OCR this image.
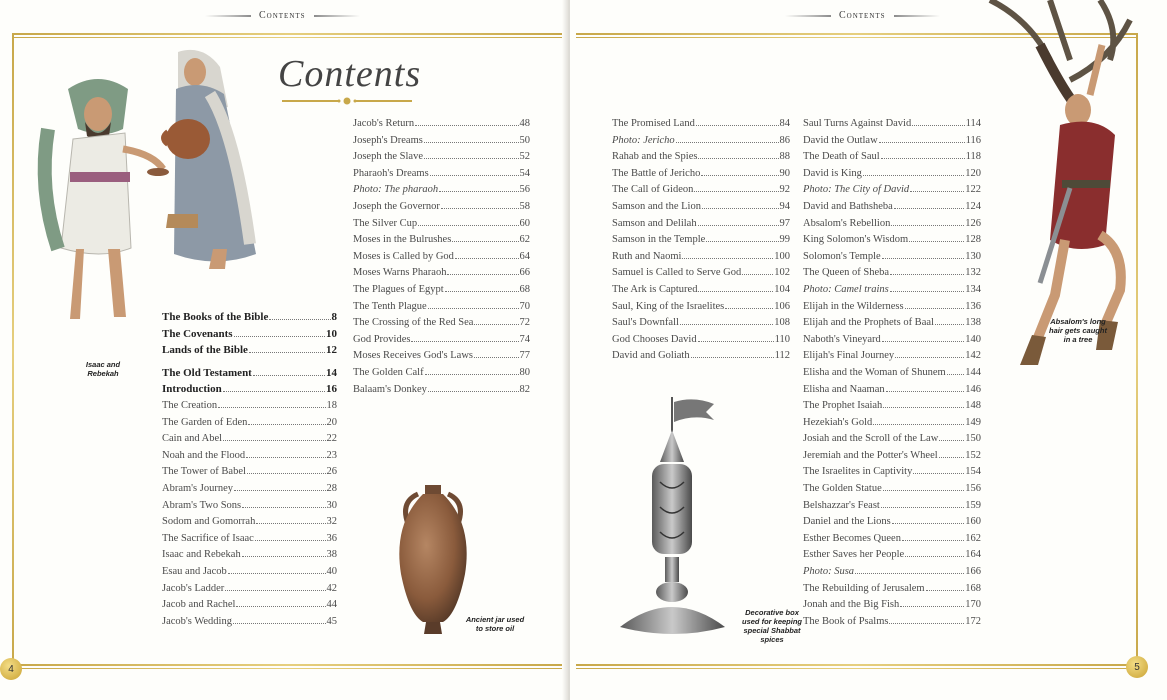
Contents
Contents
Isaac and Rebekah
The Books of the Bible	8
The Covenants	10
Lands of the Bible	12
The Old Testament	14
Introduction	16
The Creation	18
The Garden of Eden	20
Cain and Abel	22
Noah and the Flood	23
The Tower of Babel	26
Abram's Journey	28
Abram's Two Sons	30
Sodom and Gomorrah	32
The Sacrifice of Isaac	36
Isaac and Rebekah	38
Esau and Jacob	40
Jacob's Ladder	42
Jacob and Rachel	44
Jacob's Wedding	45
Jacob's Return	48
Joseph's Dreams	50
Joseph the Slave	52
Pharaoh's Dreams	54
Photo: The pharaoh	56
Joseph the Governor	58
The Silver Cup	60
Moses in the Bulrushes	62
Moses is Called by God	64
Moses Warns Pharaoh	66
The Plagues of Egypt	68
The Tenth Plague	70
The Crossing of the Red Sea	72
God Provides	74
Moses Receives God's Laws	77
The Golden Calf	80
Balaam's Donkey	82
Ancient jar used to store oil
4
Contents
The Promised Land	84
Photo: Jericho	86
Rahab and the Spies	88
The Battle of Jericho	90
The Call of Gideon	92
Samson and the Lion	94
Samson and Delilah	97
Samson in the Temple	99
Ruth and Naomi	100
Samuel is Called to Serve God	102
The Ark is Captured	104
Saul, King of the Israelites	106
Saul's Downfall	108
God Chooses David	110
David and Goliath	112
Saul Turns Against David	114
David the Outlaw	116
The Death of Saul	118
David is King	120
Photo: The City of David	122
David and Bathsheba	124
Absalom's Rebellion	126
King Solomon's Wisdom	128
Solomon's Temple	130
The Queen of Sheba	132
Photo: Camel trains	134
Elijah in the Wilderness	136
Elijah and the Prophets of Baal	138
Naboth's Vineyard	140
Elijah's Final Journey	142
Elisha and the Woman of Shunem 144
Elisha and Naaman	146
The Prophet Isaiah	148
Hezekiah's Gold	149
Josiah and the Scroll of the Law	150
Jeremiah and the Potter's Wheel	152
The Israelites in Captivity	154
The Golden Statue	156
Belshazzar's Feast	159
Daniel and the Lions	160
Esther Becomes Queen	162
Esther Saves her People	164
Photo: Susa	166
The Rebuilding of Jerusalem	168
Jonah and the Big Fish	170
The Book of Psalms	172
Decorative box used for keeping special Shabbat spices
Absalom's long hair gets caught in a tree
5
